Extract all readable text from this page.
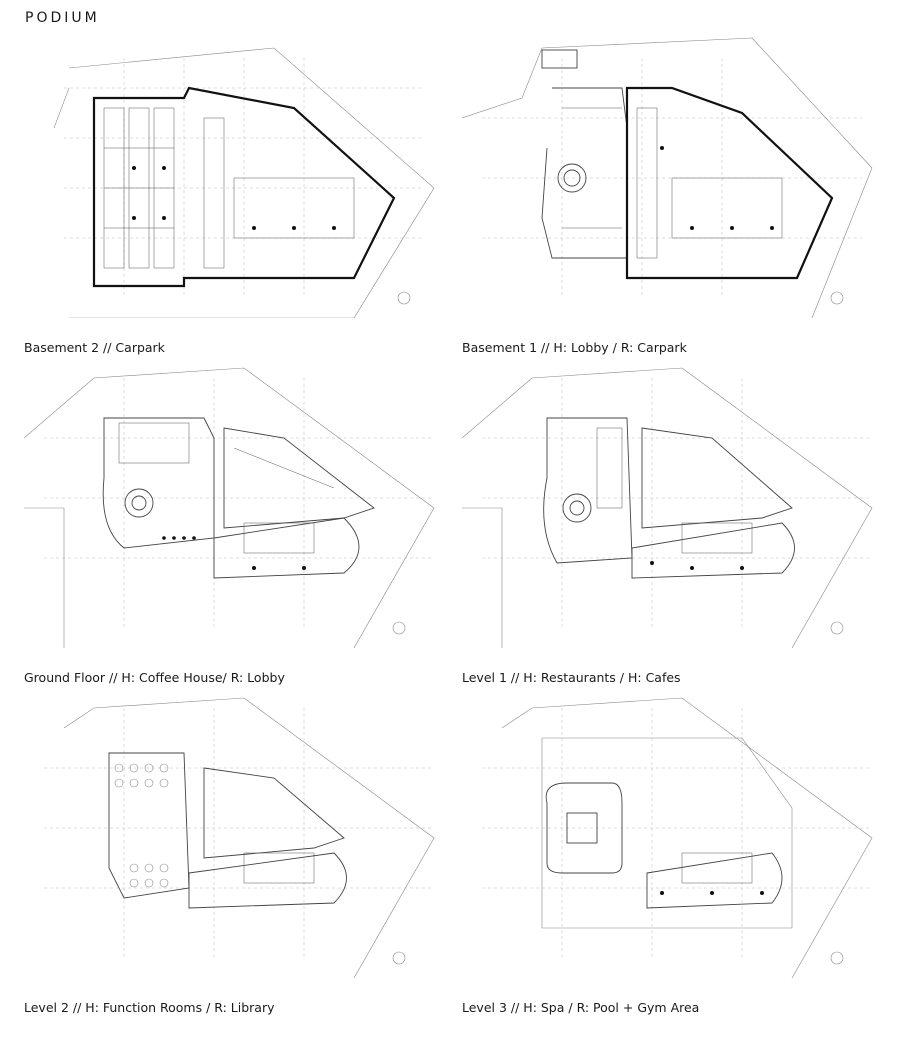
PODIUM
Basement 2 // Carpark	Basement 1 // H: Lobby / R: Carpark
Ground Floor // H: Coffee House/ R: Lobby	Level 1 // H: Restaurants / H: Cafes
Level 2 // H: Function Rooms / R: Library	Level 3 // H: Spa / R: Pool + Gym Area
